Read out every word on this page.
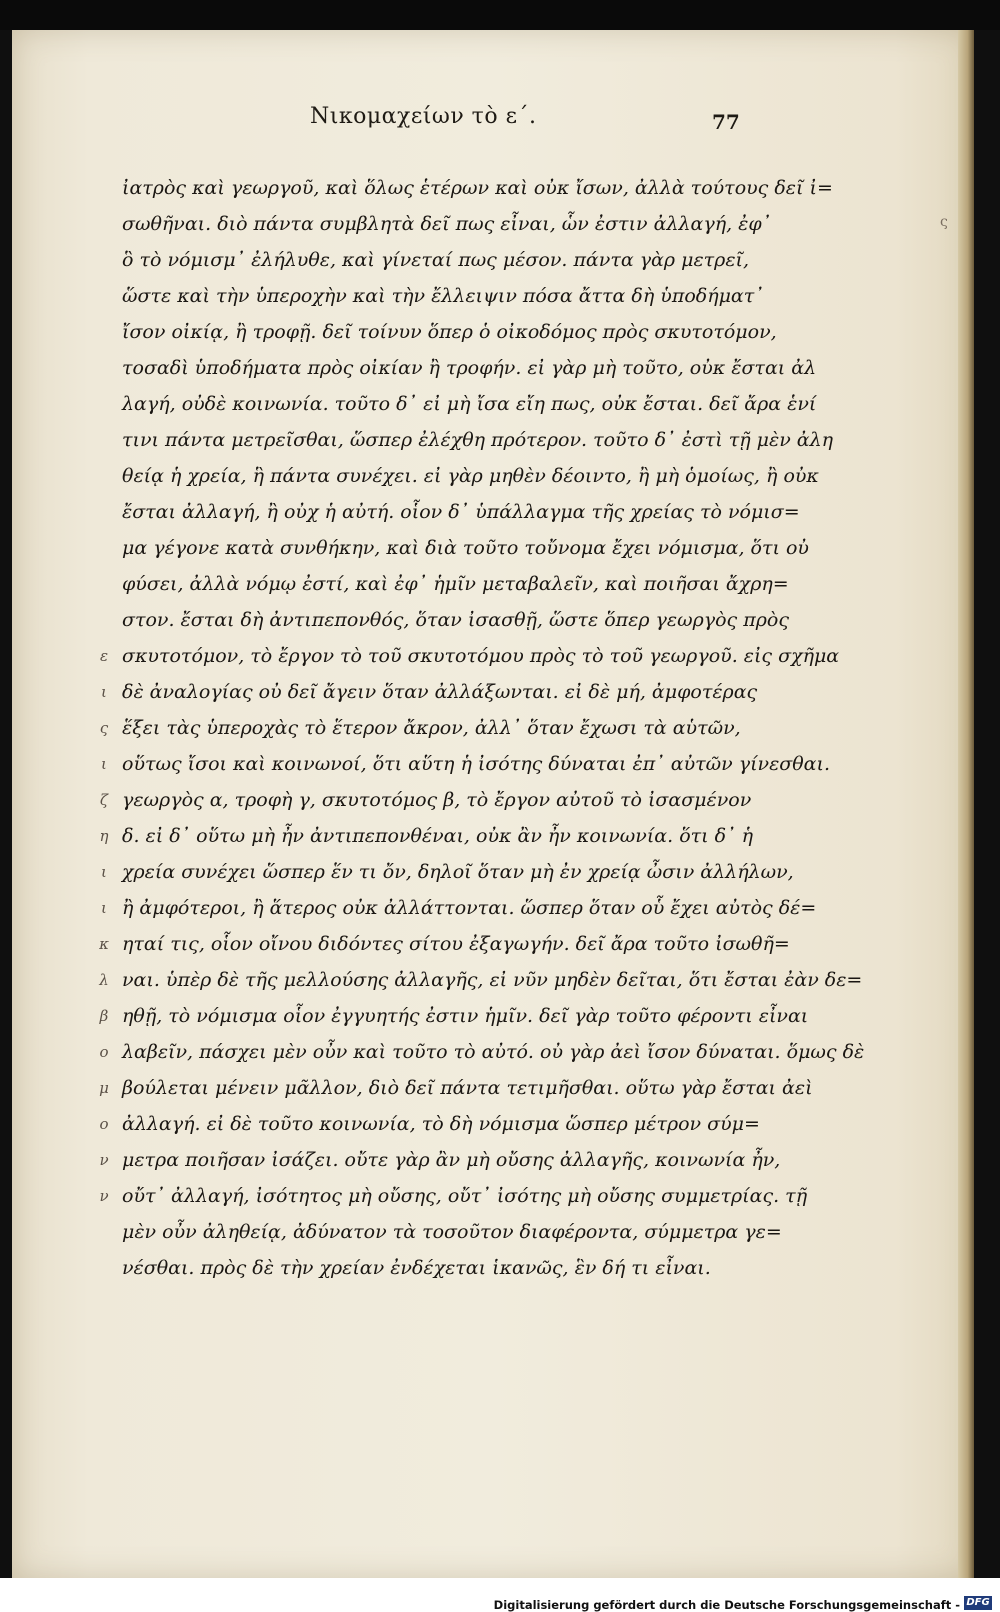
Νικομαχείων τὸ ε΄.	77
ς
ἰατρὸς καὶ γεωργοῦ, καὶ ὅλως ἑτέρων καὶ οὐκ ἴσων, ἀλλὰ τούτους δεῖ ἰ=
σωθῆναι. διὸ πάντα συμβλητὰ δεῖ πως εἶναι, ὧν ἐστιν ἀλλαγή, ἐφ᾽
ὃ τὸ νόμισμ᾽ ἐλήλυθε, καὶ γίνεταί πως μέσον. πάντα γὰρ μετρεῖ,
ὥστε καὶ τὴν ὑπεροχὴν καὶ τὴν ἔλλειψιν πόσα ἄττα δὴ ὑποδήματ᾽
ἴσον οἰκίᾳ, ἢ τροφῇ. δεῖ τοίνυν ὅπερ ὁ οἰκοδόμος πρὸς σκυτοτόμον,
τοσαδὶ ὑποδήματα πρὸς οἰκίαν ἢ τροφήν. εἰ γὰρ μὴ τοῦτο, οὐκ ἔσται ἀλ
λαγή, οὐδὲ κοινωνία. τοῦτο δ᾽ εἰ μὴ ἴσα εἴη πως, οὐκ ἔσται. δεῖ ἄρα ἑνί
τινι πάντα μετρεῖσθαι, ὥσπερ ἐλέχθη πρότερον. τοῦτο δ᾽ ἐστὶ τῇ μὲν ἀλη
θείᾳ ἡ χρεία, ἣ πάντα συνέχει. εἰ γὰρ μηθὲν δέοιντο, ἢ μὴ ὁμοίως, ἢ οὐκ
ἔσται ἀλλαγή, ἢ οὐχ ἡ αὐτή. οἷον δ᾽ ὑπάλλαγμα τῆς χρείας τὸ νόμισ=
μα γέγονε κατὰ συνθήκην, καὶ διὰ τοῦτο τοὔνομα ἔχει νόμισμα, ὅτι οὐ
φύσει, ἀλλὰ νόμῳ ἐστί, καὶ ἐφ᾽ ἡμῖν μεταβαλεῖν, καὶ ποιῆσαι ἄχρη=
στον. ἔσται δὴ ἀντιπεπονθός, ὅταν ἰσασθῇ, ὥστε ὅπερ γεωργὸς πρὸς
σκυτοτόμον, τὸ ἔργον τὸ τοῦ σκυτοτόμου πρὸς τὸ τοῦ γεωργοῦ. εἰς σχῆμα
δὲ ἀναλογίας οὐ δεῖ ἄγειν ὅταν ἀλλάξωνται. εἰ δὲ μή, ἀμφοτέρας
ἕξει τὰς ὑπεροχὰς τὸ ἕτερον ἄκρον, ἀλλ᾽ ὅταν ἔχωσι τὰ αὑτῶν,
οὕτως ἴσοι καὶ κοινωνοί, ὅτι αὕτη ἡ ἰσότης δύναται ἐπ᾽ αὐτῶν γίνεσθαι.
γεωργὸς α, τροφὴ γ, σκυτοτόμος β, τὸ ἔργον αὐτοῦ τὸ ἰσασμένον
δ. εἰ δ᾽ οὕτω μὴ ἦν ἀντιπεπονθέναι, οὐκ ἂν ἦν κοινωνία. ὅτι δ᾽ ἡ
χρεία συνέχει ὥσπερ ἕν τι ὄν, δηλοῖ ὅταν μὴ ἐν χρείᾳ ὦσιν ἀλλήλων,
ἢ ἀμφότεροι, ἢ ἅτερος οὐκ ἀλλάττονται. ὥσπερ ὅταν οὗ ἔχει αὐτὸς δέ=
ηταί τις, οἷον οἴνου διδόντες σίτου ἐξαγωγήν. δεῖ ἄρα τοῦτο ἰσωθῆ=
ναι. ὑπὲρ δὲ τῆς μελλούσης ἀλλαγῆς, εἰ νῦν μηδὲν δεῖται, ὅτι ἔσται ἐὰν δε=
ηθῇ, τὸ νόμισμα οἷον ἐγγυητής ἐστιν ἡμῖν. δεῖ γὰρ τοῦτο φέροντι εἶναι
λαβεῖν, πάσχει μὲν οὖν καὶ τοῦτο τὸ αὐτό. οὐ γὰρ ἀεὶ ἴσον δύναται. ὅμως δὲ
βούλεται μένειν μᾶλλον, διὸ δεῖ πάντα τετιμῆσθαι. οὕτω γὰρ ἔσται ἀεὶ
ἀλλαγή. εἰ δὲ τοῦτο κοινωνία, τὸ δὴ νόμισμα ὥσπερ μέτρον σύμ=
μετρα ποιῆσαν ἰσάζει. οὔτε γὰρ ἂν μὴ οὔσης ἀλλαγῆς, κοινωνία ἦν,
οὔτ᾽ ἀλλαγή, ἰσότητος μὴ οὔσης, οὔτ᾽ ἰσότης μὴ οὔσης συμμετρίας. τῇ
μὲν οὖν ἀληθείᾳ, ἀδύνατον τὰ τοσοῦτον διαφέροντα, σύμμετρα γε=
νέσθαι. πρὸς δὲ τὴν χρείαν ἐνδέχεται ἱκανῶς, ἓν δή τι εἶναι.
ε
ι
ς
ι
ζ
η
ι
ι
κ
λ
β
ο
μ
ο
ν
ν
Digitalisierung gefördert durch die Deutsche Forschungsgemeinschaft - DFG
